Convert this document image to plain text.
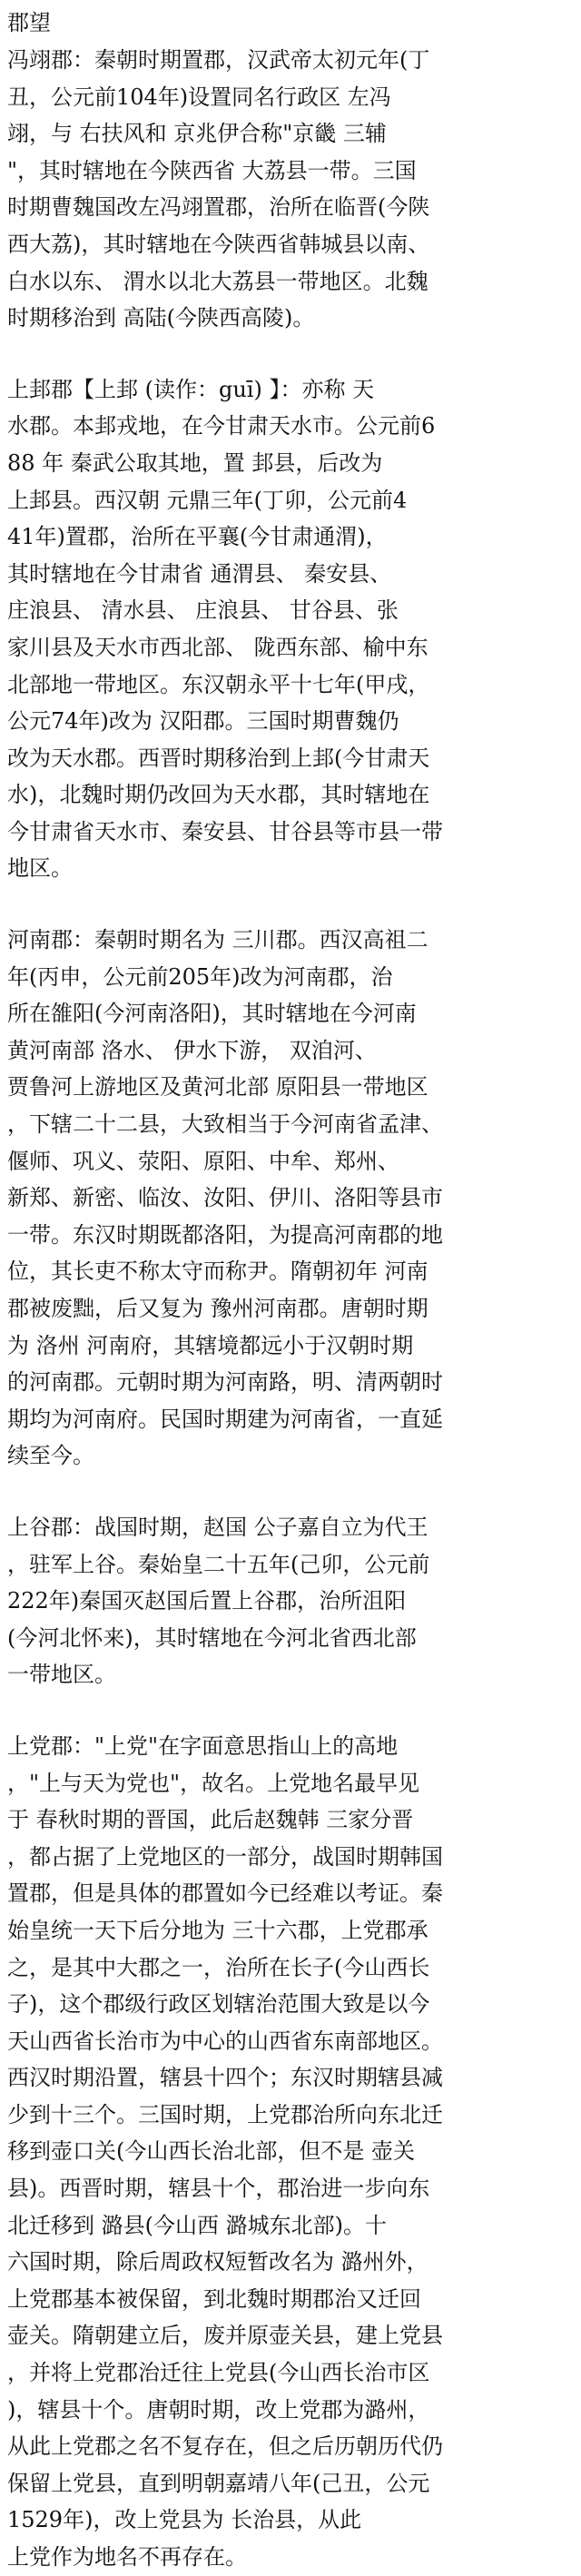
郡望
冯翊郡：秦朝时期置郡，汉武帝太初元年(丁
丑，公元前104年)设置同名行政区 左冯
翊，与 右扶风和 京兆伊合称"京畿 三辅
"，其时辖地在今陕西省 大荔县一带。三国
时期曹魏国改左冯翊置郡，治所在临晋(今陕
西大荔)，其时辖地在今陕西省韩城县以南、
白水以东、 渭水以北大荔县一带地区。北魏
时期移治到 高陆(今陕西高陵)。
上邽郡【上邽 (读作：guī) 】：亦称 天
水郡。本邽戎地，在今甘肃天水市。公元前6
88 年 秦武公取其地，置 邽县，后改为
上邽县。西汉朝 元鼎三年(丁卯，公元前4
41年)置郡，治所在平襄(今甘肃通渭)，
其时辖地在今甘肃省 通渭县、 秦安县、
庄浪县、 清水县、 庄浪县、 甘谷县、张
家川县及天水市西北部、 陇西东部、榆中东
北部地一带地区。东汉朝永平十七年(甲戌，
公元74年)改为 汉阳郡。三国时期曹魏仍
改为天水郡。西晋时期移治到上邽(今甘肃天
水)，北魏时期仍改回为天水郡，其时辖地在
今甘肃省天水市、秦安县、甘谷县等市县一带
地区。
河南郡：秦朝时期名为 三川郡。西汉高祖二
年(丙申，公元前205年)改为河南郡，治
所在雒阳(今河南洛阳)，其时辖地在今河南
黄河南部 洛水、 伊水下游， 双洎河、
贾鲁河上游地区及黄河北部 原阳县一带地区
，下辖二十二县，大致相当于今河南省孟津、
偃师、巩义、荥阳、原阳、中牟、郑州、
新郑、新密、临汝、汝阳、伊川、洛阳等县市
一带。东汉时期既都洛阳，为提高河南郡的地
位，其长吏不称太守而称尹。隋朝初年 河南
郡被废黜，后又复为 豫州河南郡。唐朝时期
为 洛州 河南府，其辖境都远小于汉朝时期
的河南郡。元朝时期为河南路，明、清两朝时
期均为河南府。民国时期建为河南省，一直延
续至今。
上谷郡：战国时期，赵国 公子嘉自立为代王
，驻军上谷。秦始皇二十五年(己卯，公元前
222年)秦国灭赵国后置上谷郡，治所沮阳
(今河北怀来)，其时辖地在今河北省西北部
一带地区。
上党郡："上党"在字面意思指山上的高地
，"上与天为党也"，故名。上党地名最早见
于 春秋时期的晋国，此后赵魏韩 三家分晋
，都占据了上党地区的一部分，战国时期韩国
置郡，但是具体的郡置如今已经难以考证。秦
始皇统一天下后分地为 三十六郡，上党郡承
之，是其中大郡之一，治所在长子(今山西长
子)，这个郡级行政区划辖治范围大致是以今
天山西省长治市为中心的山西省东南部地区。
西汉时期沿置，辖县十四个；东汉时期辖县减
少到十三个。三国时期，上党郡治所向东北迁
移到壶口关(今山西长治北部，但不是 壶关
县)。西晋时期，辖县十个，郡治进一步向东
北迁移到 潞县(今山西 潞城东北部)。十
六国时期，除后周政权短暂改名为 潞州外，
上党郡基本被保留，到北魏时期郡治又迁回
壶关。隋朝建立后，废并原壶关县，建上党县
，并将上党郡治迁往上党县(今山西长治市区
)，辖县十个。唐朝时期，改上党郡为潞州，
从此上党郡之名不复存在，但之后历朝历代仍
保留上党县，直到明朝嘉靖八年(己丑，公元
1529年)，改上党县为 长治县，从此
上党作为地名不再存在。
